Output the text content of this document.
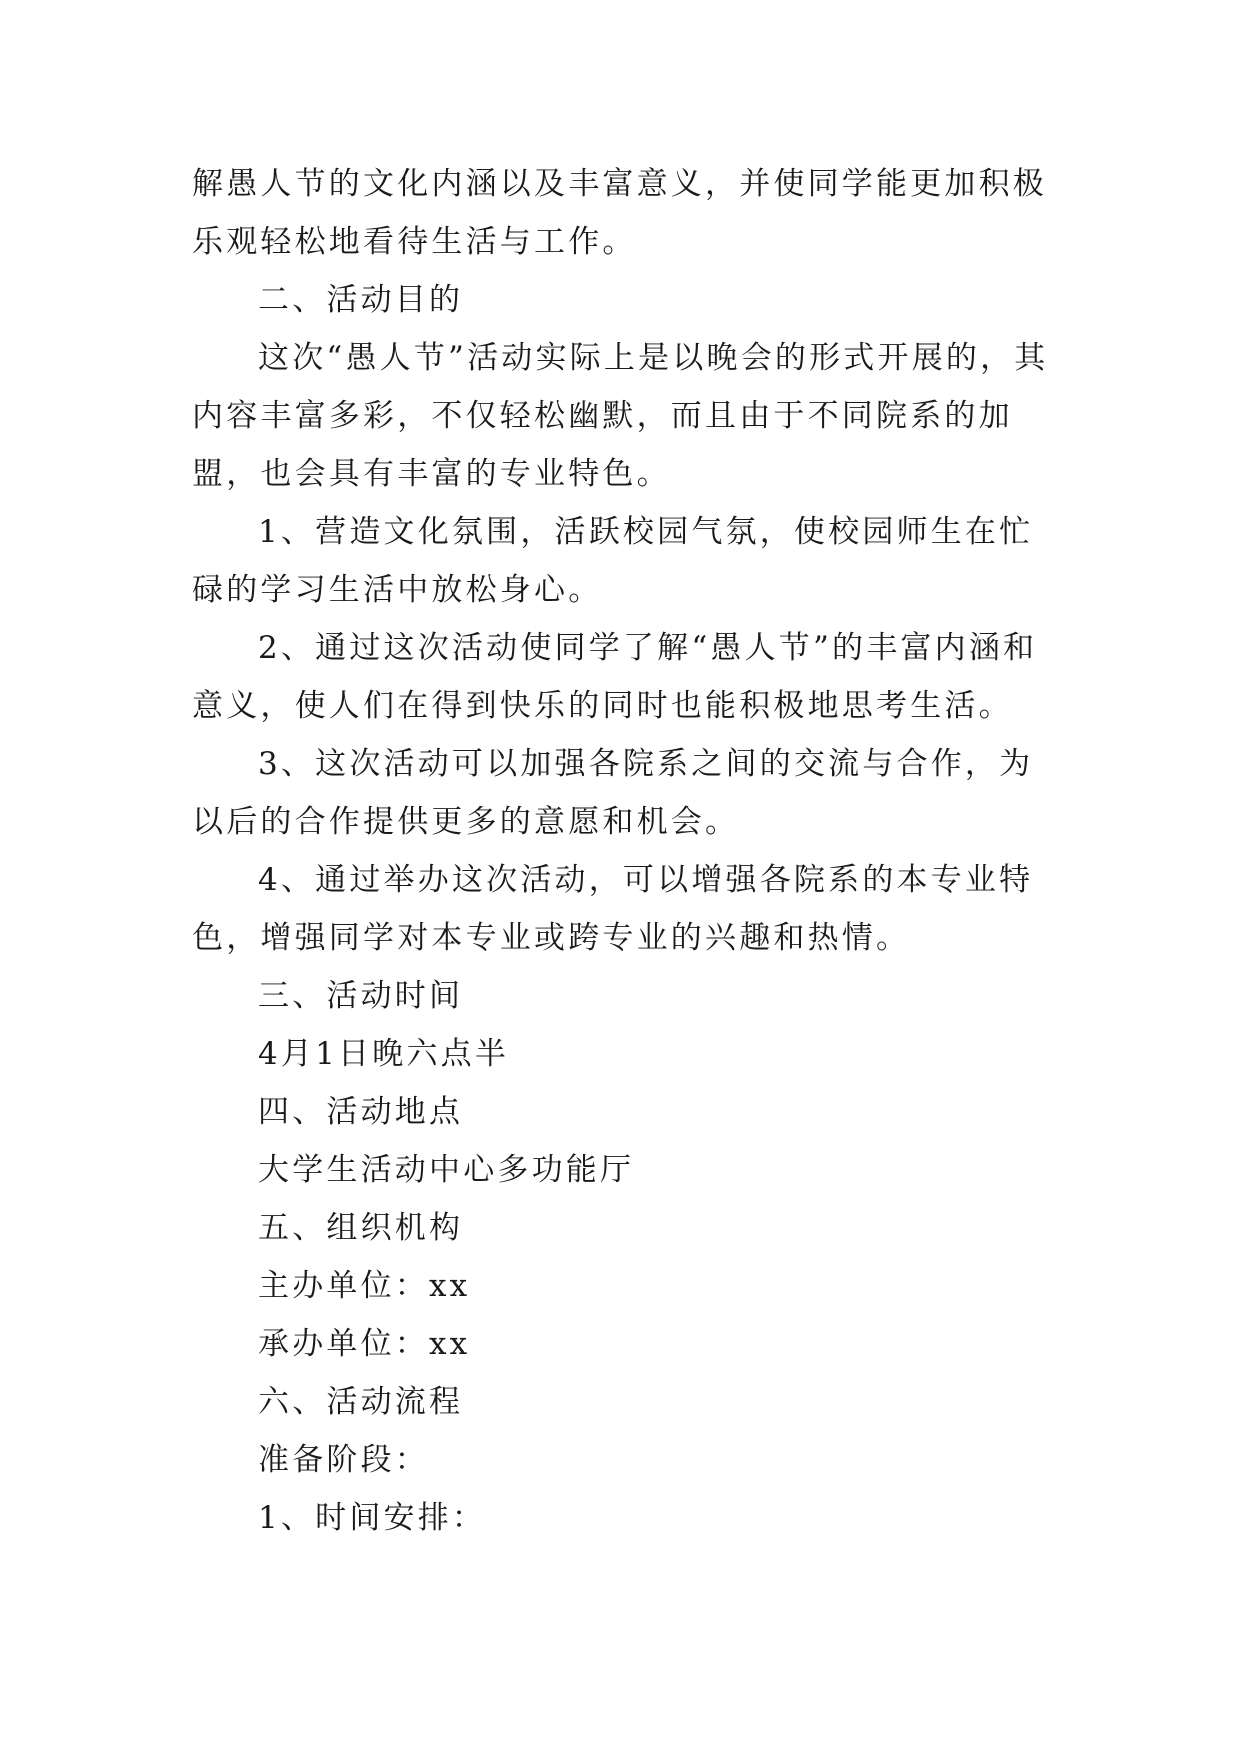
解愚人节的文化内涵以及丰富意义，并使同学能更加积极乐观轻松地看待生活与工作。

二、活动目的

这次“愚人节”活动实际上是以晚会的形式开展的，其内容丰富多彩，不仅轻松幽默，而且由于不同院系的加盟，也会具有丰富的专业特色。

1、营造文化氛围，活跃校园气氛，使校园师生在忙碌的学习生活中放松身心。

2、通过这次活动使同学了解“愚人节”的丰富内涵和意义，使人们在得到快乐的同时也能积极地思考生活。

3、这次活动可以加强各院系之间的交流与合作，为以后的合作提供更多的意愿和机会。

4、通过举办这次活动，可以增强各院系的本专业特色，增强同学对本专业或跨专业的兴趣和热情。

三、活动时间

4月1日晚六点半

四、活动地点

大学生活动中心多功能厅

五、组织机构

主办单位：xx

承办单位：xx

六、活动流程

准备阶段：

1、时间安排：
